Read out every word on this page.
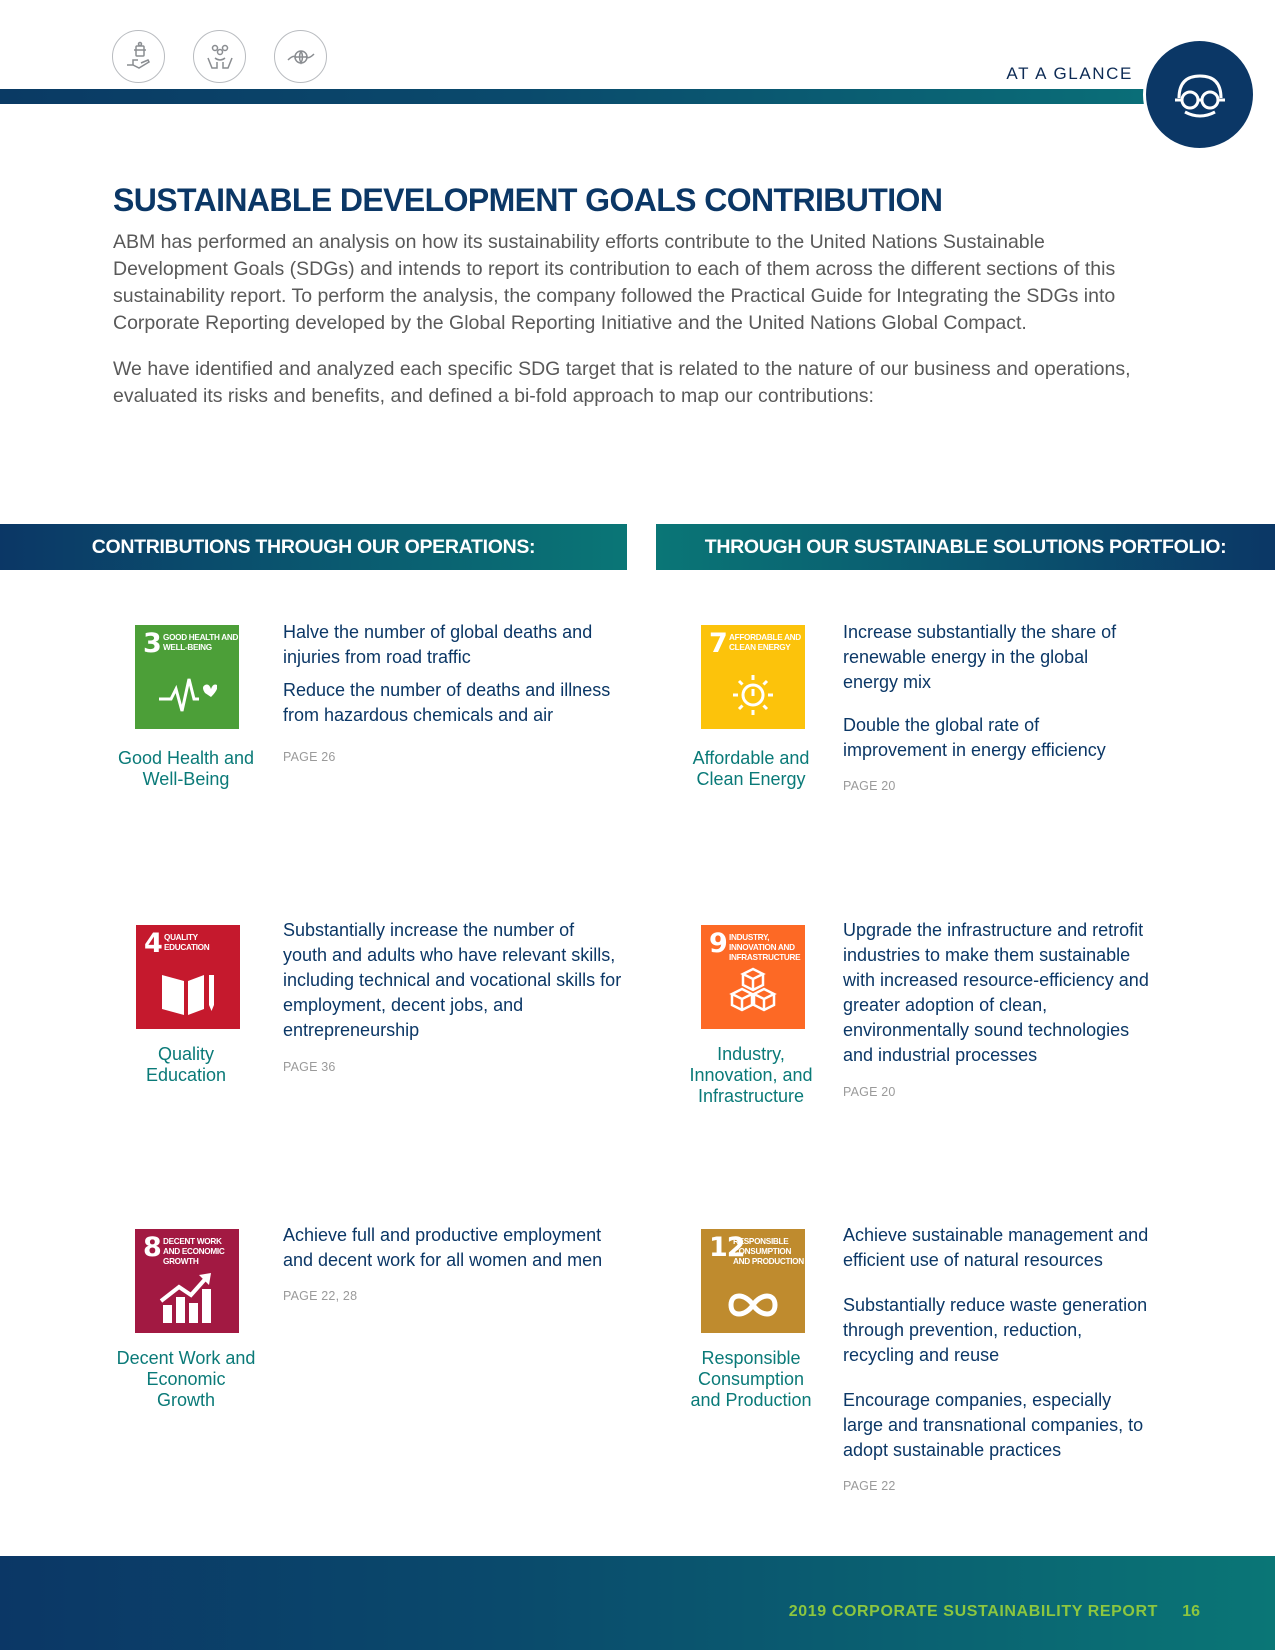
AT A GLANCE
SUSTAINABLE DEVELOPMENT GOALS CONTRIBUTION

ABM has performed an analysis on how its sustainability efforts contribute to the United Nations Sustainable Development Goals (SDGs) and intends to report its contribution to each of them across the different sections of this sustainability report. To perform the analysis, the company followed the Practical Guide for Integrating the SDGs into Corporate Reporting developed by the Global Reporting Initiative and the United Nations Global Compact.

We have identified and analyzed each specific SDG target that is related to the nature of our business and operations, evaluated its risks and benefits, and defined a bi-fold approach to map our contributions:

CONTRIBUTIONS THROUGH OUR OPERATIONS:	THROUGH OUR SUSTAINABLE SOLUTIONS PORTFOLIO:
3 GOOD HEALTH AND WELL-BEING
Good Health and Well-Being
Halve the number of global deaths and injuries from road traffic
Reduce the number of deaths and illness from hazardous chemicals and air
PAGE 26
4 QUALITY EDUCATION
Quality Education
Substantially increase the number of youth and adults who have relevant skills, including technical and vocational skills for employment, decent jobs, and entrepreneurship
PAGE 36
8 DECENT WORK AND ECONOMIC GROWTH
Decent Work and Economic Growth
Achieve full and productive employment and decent work for all women and men
PAGE 22, 28
7 AFFORDABLE AND CLEAN ENERGY
Affordable and Clean Energy
Increase substantially the share of renewable energy in the global energy mix
Double the global rate of improvement in energy efficiency
PAGE 20
9 INDUSTRY, INNOVATION AND INFRASTRUCTURE
Industry, Innovation, and Infrastructure
Upgrade the infrastructure and retrofit industries to make them sustainable with increased resource-efficiency and greater adoption of clean, environmentally sound technologies and industrial processes
PAGE 20
12
RESPONSIBLE CONSUMPTION AND PRODUCTION
Responsible Consumption and Production
Achieve sustainable management and efficient use of natural resources
Substantially reduce waste generation through prevention, reduction, recycling and reuse
Encourage companies, especially large and transnational companies, to adopt sustainable practices
PAGE 22
2019 CORPORATE SUSTAINABILITY REPORT 16
